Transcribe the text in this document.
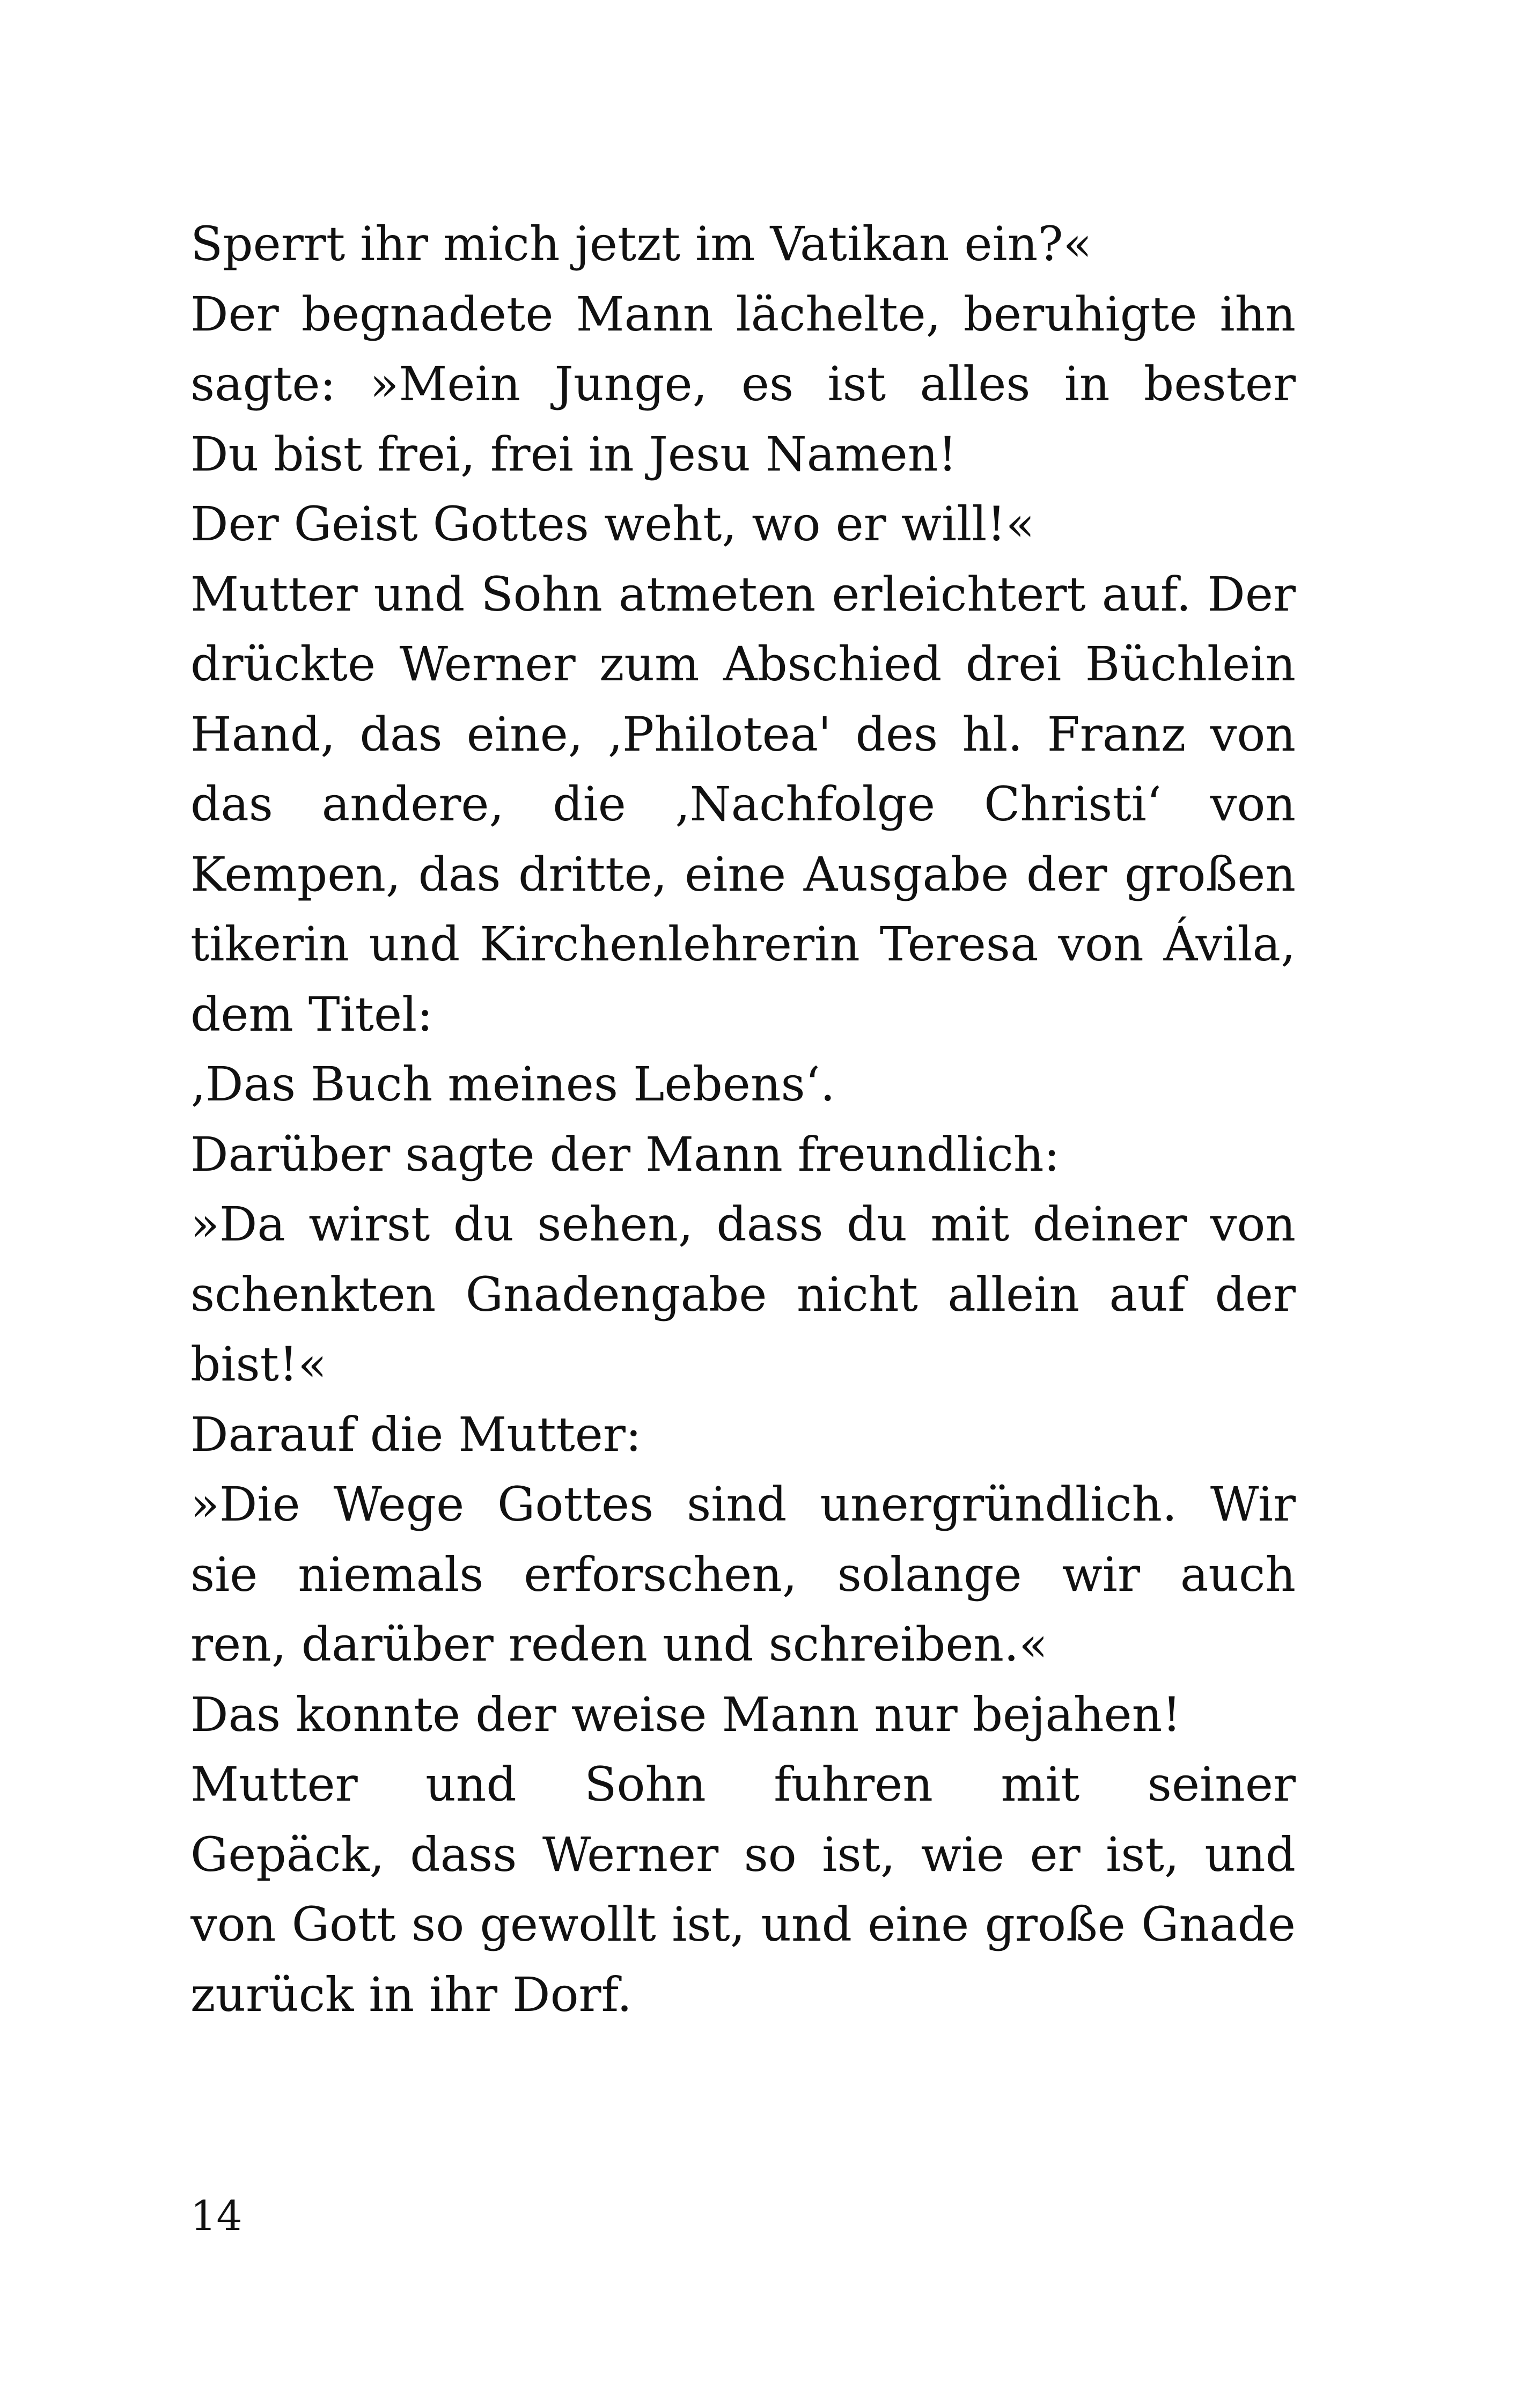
Sperrt ihr mich jetzt im Vatikan ein?«
Der begnadete Mann lächelte, beruhigte ihn
sagte: »Mein Junge, es ist alles in bester
Du bist frei, frei in Jesu Namen!
Der Geist Gottes weht, wo er will!«
Mutter und Sohn atmeten erleichtert auf. Der
drückte Werner zum Abschied drei Büchlein
Hand, das eine, ‚Philotea' des hl. Franz von
das andere, die ‚Nachfolge Christi‘ von
Kempen, das dritte, eine Ausgabe der großen
tikerin und Kirchenlehrerin Teresa von Ávila,
dem Titel:
‚Das Buch meines Lebens‘.
Darüber sagte der Mann freundlich:
»Da wirst du sehen, dass du mit deiner von
schenkten Gnadengabe nicht allein auf der
bist!«
Darauf die Mutter:
»Die Wege Gottes sind unergründlich. Wir
sie niemals erforschen, solange wir auch
ren, darüber reden und schreiben.«
Das konnte der weise Mann nur bejahen!
Mutter und Sohn fuhren mit seiner
Gepäck, dass Werner so ist, wie er ist, und
von Gott so gewollt ist, und eine große Gnade
zurück in ihr Dorf.
14
